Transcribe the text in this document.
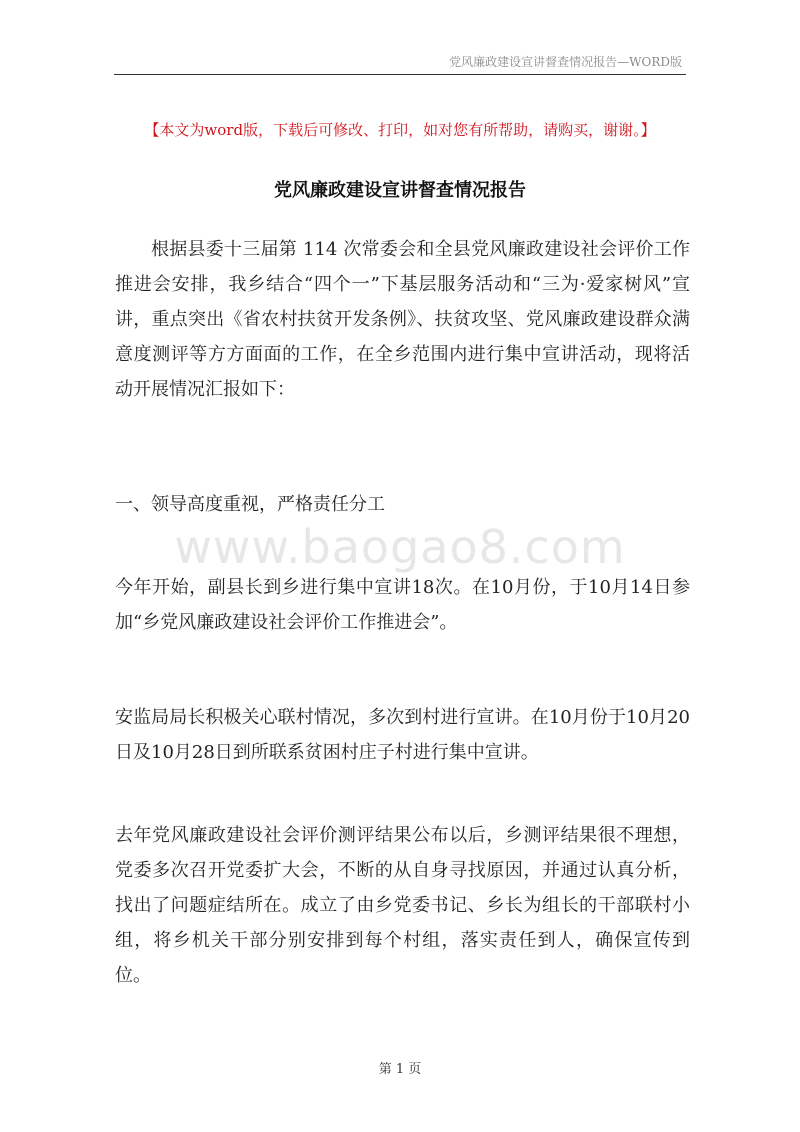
党风廉政建设宣讲督查情况报告—WORD版
【本文为word版，下载后可修改、打印，如对您有所帮助，请购买，谢谢。】
党风廉政建设宣讲督查情况报告
根据县委十三届第 114 次常委会和全县党风廉政建设社会评价工作推进会安排，我乡结合“四个一”下基层服务活动和“三为·爱家树风”宣讲，重点突出《省农村扶贫开发条例》、扶贫攻坚、党风廉政建设群众满意度测评等方方面面的工作，在全乡范围内进行集中宣讲活动，现将活动开展情况汇报如下：
一、领导高度重视，严格责任分工
www.baogao8.com
今年开始，副县长到乡进行集中宣讲18次。在10月份，于10月14日参加“乡党风廉政建设社会评价工作推进会”。
安监局局长积极关心联村情况，多次到村进行宣讲。在10月份于10月20日及10月28日到所联系贫困村庄子村进行集中宣讲。
去年党风廉政建设社会评价测评结果公布以后，乡测评结果很不理想，党委多次召开党委扩大会，不断的从自身寻找原因，并通过认真分析，找出了问题症结所在。成立了由乡党委书记、乡长为组长的干部联村小组，将乡机关干部分别安排到每个村组，落实责任到人，确保宣传到位。
第 1 页
